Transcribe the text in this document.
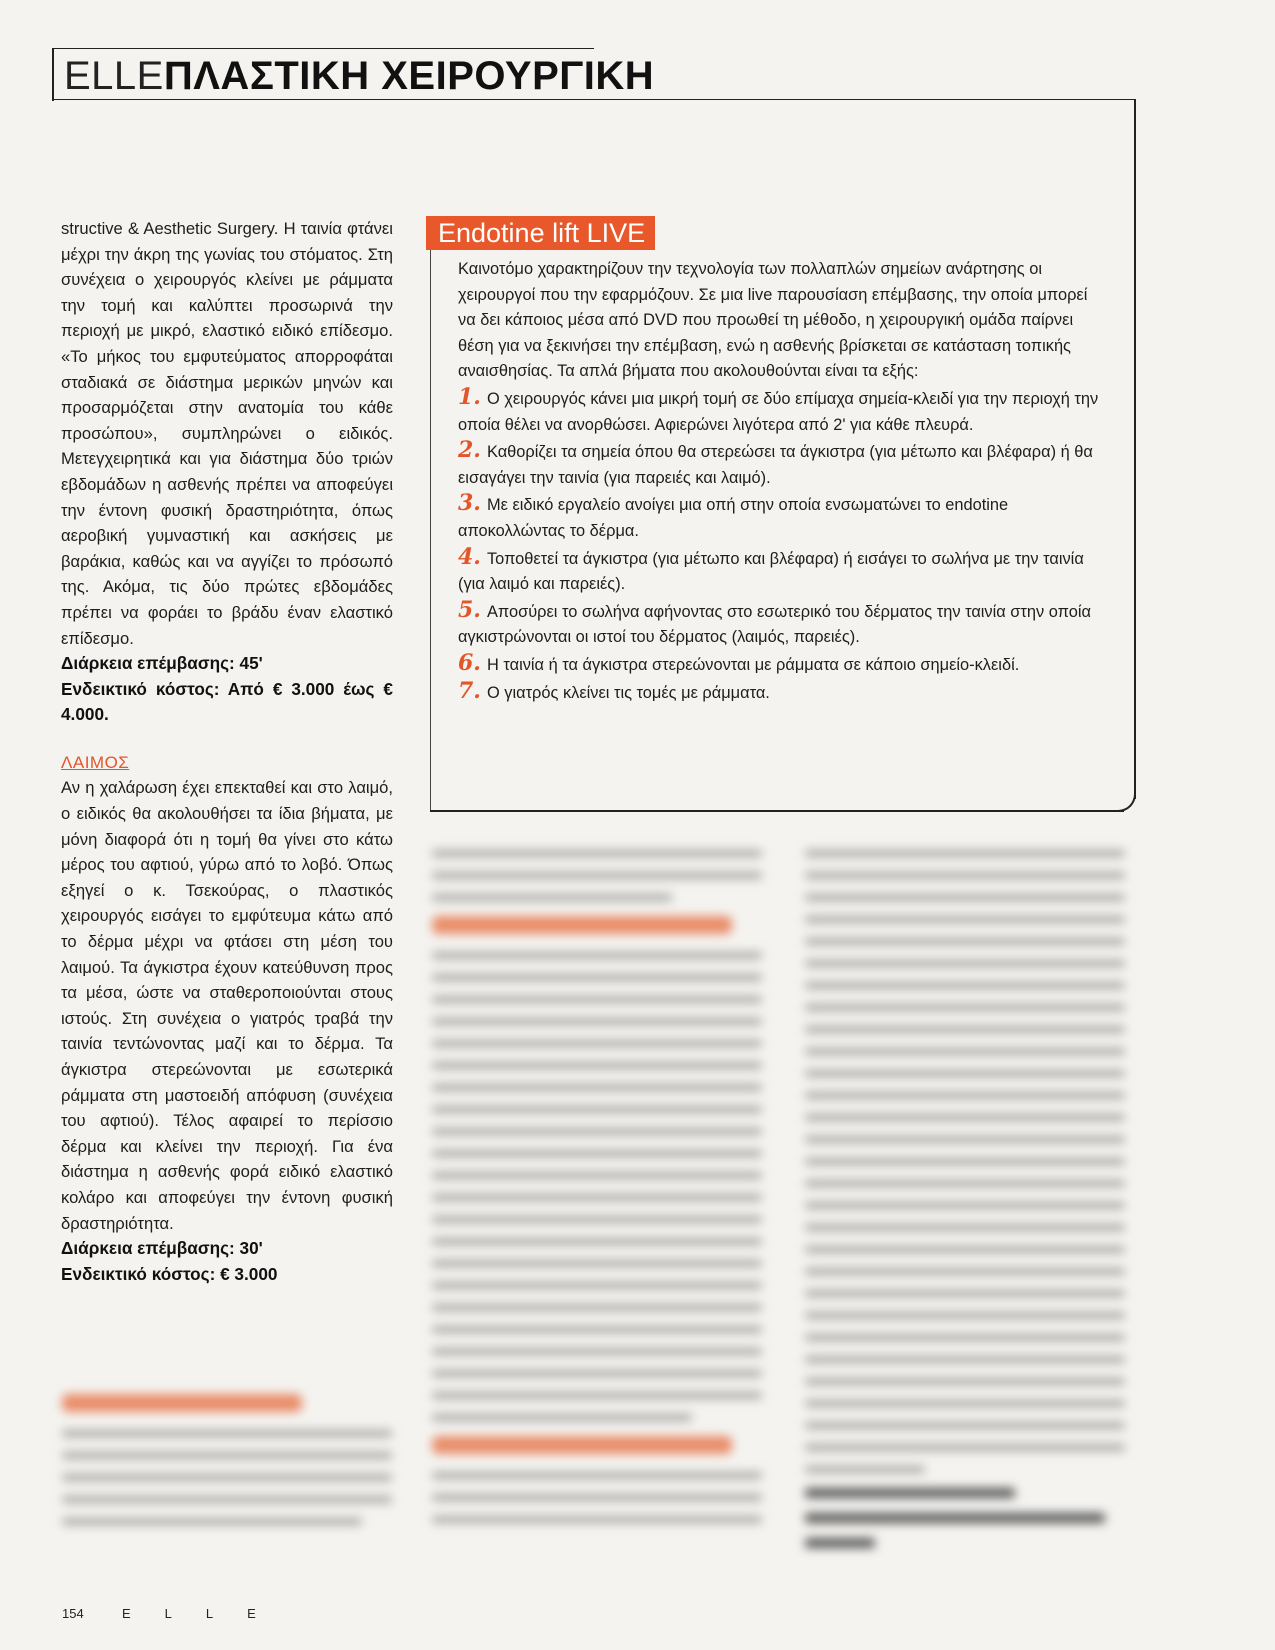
ELLEΠΛΑΣΤΙΚΗ ΧΕΙΡΟΥΡΓΙΚΗ

structive & Aesthetic Surgery. Η ταινία φτάνει μέχρι την άκρη της γωνίας του στόματος. Στη συνέχεια ο χειρουργός κλείνει με ράμματα την τομή και καλύπτει προσωρινά την περιοχή με μικρό, ελαστικό ειδικό επίδεσμο. «Το μήκος του εμφυτεύματος απορροφάται σταδιακά σε διάστημα μερικών μηνών και προσαρμόζεται στην ανατομία του κάθε προσώπου», συμπληρώνει ο ειδικός. Μετεγχειρητικά και για διάστημα δύο τριών εβδομάδων η ασθενής πρέπει να αποφεύγει την έντονη φυσική δραστηριότητα, όπως αεροβική γυμναστική και ασκήσεις με βαράκια, καθώς και να αγγίζει το πρόσωπό της. Ακόμα, τις δύο πρώτες εβδομάδες πρέπει να φοράει το βράδυ έναν ελαστικό επίδεσμο.

Διάρκεια επέμβασης: 45'

Ενδεικτικό κόστος: Από € 3.000 έως € 4.000.

ΛΑΙΜΟΣ

Αν η χαλάρωση έχει επεκταθεί και στο λαιμό, ο ειδικός θα ακολουθήσει τα ίδια βήματα, με μόνη διαφορά ότι η τομή θα γίνει στο κάτω μέρος του αφτιού, γύρω από το λοβό. Όπως εξηγεί ο κ. Τσεκούρας, ο πλαστικός χειρουργός εισάγει το εμφύτευμα κάτω από το δέρμα μέχρι να φτάσει στη μέση του λαιμού. Τα άγκιστρα έχουν κατεύθυνση προς τα μέσα, ώστε να σταθεροποιούνται στους ιστούς. Στη συνέχεια ο γιατρός τραβά την ταινία τεντώνοντας μαζί και το δέρμα. Τα άγκιστρα στερεώνονται με εσωτερικά ράμματα στη μαστοειδή απόφυση (συνέχεια του αφτιού). Τέλος αφαιρεί το περίσσιο δέρμα και κλείνει την περιοχή. Για ένα διάστημα η ασθενής φορά ειδικό ελαστικό κολάρο και αποφεύγει την έντονη φυσική δραστηριότητα.

Διάρκεια επέμβασης: 30'

Ενδεικτικό κόστος: € 3.000

Endotine lift LIVE

Καινοτόμο χαρακτηρίζουν την τεχνολογία των πολλαπλών σημείων ανάρτησης οι χειρουργοί που την εφαρμόζουν. Σε μια live παρουσίαση επέμβασης, την οποία μπορεί να δει κάποιος μέσα από DVD που προωθεί τη μέθοδο, η χειρουργική ομάδα παίρνει θέση για να ξεκινήσει την επέμβαση, ενώ η ασθενής βρίσκεται σε κατάσταση τοπικής αναισθησίας. Τα απλά βήματα που ακολουθούνται είναι τα εξής:

1. Ο χειρουργός κάνει μια μικρή τομή σε δύο επίμαχα σημεία-κλειδί για την περιοχή την οποία θέλει να ανορθώσει. Αφιερώνει λιγότερα από 2' για κάθε πλευρά.
2. Καθορίζει τα σημεία όπου θα στερεώσει τα άγκιστρα (για μέτωπο και βλέφαρα) ή θα εισαγάγει την ταινία (για παρειές και λαιμό).
3. Με ειδικό εργαλείο ανοίγει μια οπή στην οποία ενσωματώνει το endotine αποκολλώντας το δέρμα.
4. Τοποθετεί τα άγκιστρα (για μέτωπο και βλέφαρα) ή εισάγει το σωλήνα με την ταινία (για λαιμό και παρειές).
5. Αποσύρει το σωλήνα αφήνοντας στο εσωτερικό του δέρματος την ταινία στην οποία αγκιστρώνονται οι ιστοί του δέρματος (λαιμός, παρειές).
6. Η ταινία ή τα άγκιστρα στερεώνονται με ράμματα σε κάποιο σημείο-κλειδί.
7. Ο γιατρός κλείνει τις τομές με ράμματα.
154	ELLE
